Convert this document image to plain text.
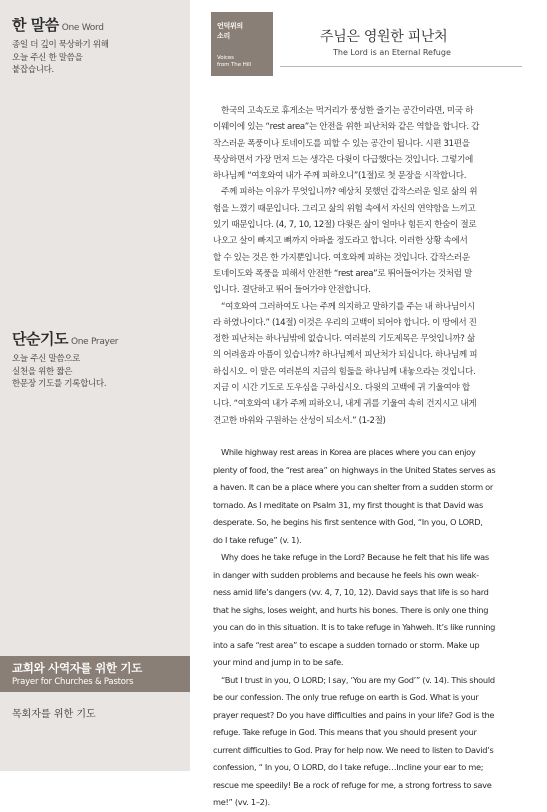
한 말씀 One Word
종일 더 깊이 묵상하기 위해
오늘 주신 한 말씀을
붙잡습니다.
단순기도 One Prayer
오늘 주신 말씀으로
실천을 위한 짧은
한문장 기도를 기록합니다.
교회와 사역자를 위한 기도
Prayer for Churches & Pastors
목회자를 위한 기도
언덕위의
소리
Voices
from The Hill
주님은 영원한 피난처
The Lord is an Eternal Refuge
한국의 고속도로 휴게소는 먹거리가 풍성한 즐기는 공간이라면, 미국 하
이웨이에 있는 “rest area”는 안전을 위한 피난처와 같은 역할을 합니다. 갑
작스러운 폭풍이나 토네이도를 피할 수 있는 공간이 됩니다. 시편 31편을
묵상하면서 가장 먼저 드는 생각은 다윗이 다급했다는 것입니다. 그렇기에
하나님께 “여호와여 내가 주께 피하오니”(1절)로 첫 문장을 시작합니다.
주께 피하는 이유가 무엇입니까? 예상치 못했던 갑작스러운 일로 삶의 위
험을 느꼈기 때문입니다. 그리고 삶의 위험 속에서 자신의 연약함을 느끼고
있기 때문입니다. (4, 7, 10, 12절) 다윗은 삶이 얼마나 힘든지 한숨이 절로
나오고 살이 빠지고 뼈까지 아파올 정도라고 합니다. 이러한 상황 속에서
할 수 있는 것은 한 가지뿐입니다. 여호와께 피하는 것입니다. 갑작스러운
토네이도와 폭풍을 피해서 안전한 “rest area”로 뛰어들어가는 것처럼 말
입니다. 결단하고 뛰어 들어가야 안전합니다.
“여호와여 그러하여도 나는 주께 의지하고 말하기를 주는 내 하나님이시
라 하였나이다.” (14절) 이것은 우리의 고백이 되어야 합니다. 이 땅에서 진
정한 피난처는 하나님밖에 없습니다. 여러분의 기도제목은 무엇입니까? 삶
의 어려움과 아픔이 있습니까? 하나님께서 피난처가 되십니다. 하나님께 피
하십시오. 이 말은 여러분의 지금의 힘듦을 하나님께 내놓으라는 것입니다.
지금 이 시간 기도로 도우심을 구하십시오. 다윗의 고백에 귀 기울여야 합
니다. “여호와여 내가 주께 피하오니, 내게 귀를 기울여 속히 건지시고 내게
견고한 바위와 구원하는 산성이 되소서.” (1-2절)
While highway rest areas in Korea are places where you can enjoy
plenty of food, the “rest area” on highways in the United States serves as
a haven. It can be a place where you can shelter from a sudden storm or
tornado. As I meditate on Psalm 31, my first thought is that David was
desperate. So, he begins his first sentence with God, “In you, O LORD,
do I take refuge” (v. 1).
Why does he take refuge in the Lord? Because he felt that his life was
in danger with sudden problems and because he feels his own weak-
ness amid life’s dangers (vv. 4, 7, 10, 12). David says that life is so hard
that he sighs, loses weight, and hurts his bones. There is only one thing
you can do in this situation. It is to take refuge in Yahweh. It’s like running
into a safe “rest area” to escape a sudden tornado or storm. Make up
your mind and jump in to be safe.
“But I trust in you, O LORD; I say, ‘You are my God’” (v. 14). This should
be our confession. The only true refuge on earth is God. What is your
prayer request? Do you have difficulties and pains in your life? God is the
refuge. Take refuge in God. This means that you should present your
current difficulties to God. Pray for help now. We need to listen to David’s
confession, “ In you, O LORD, do I take refuge…Incline your ear to me;
rescue me speedily! Be a rock of refuge for me, a strong fortress to save
me!” (vv. 1–2).
